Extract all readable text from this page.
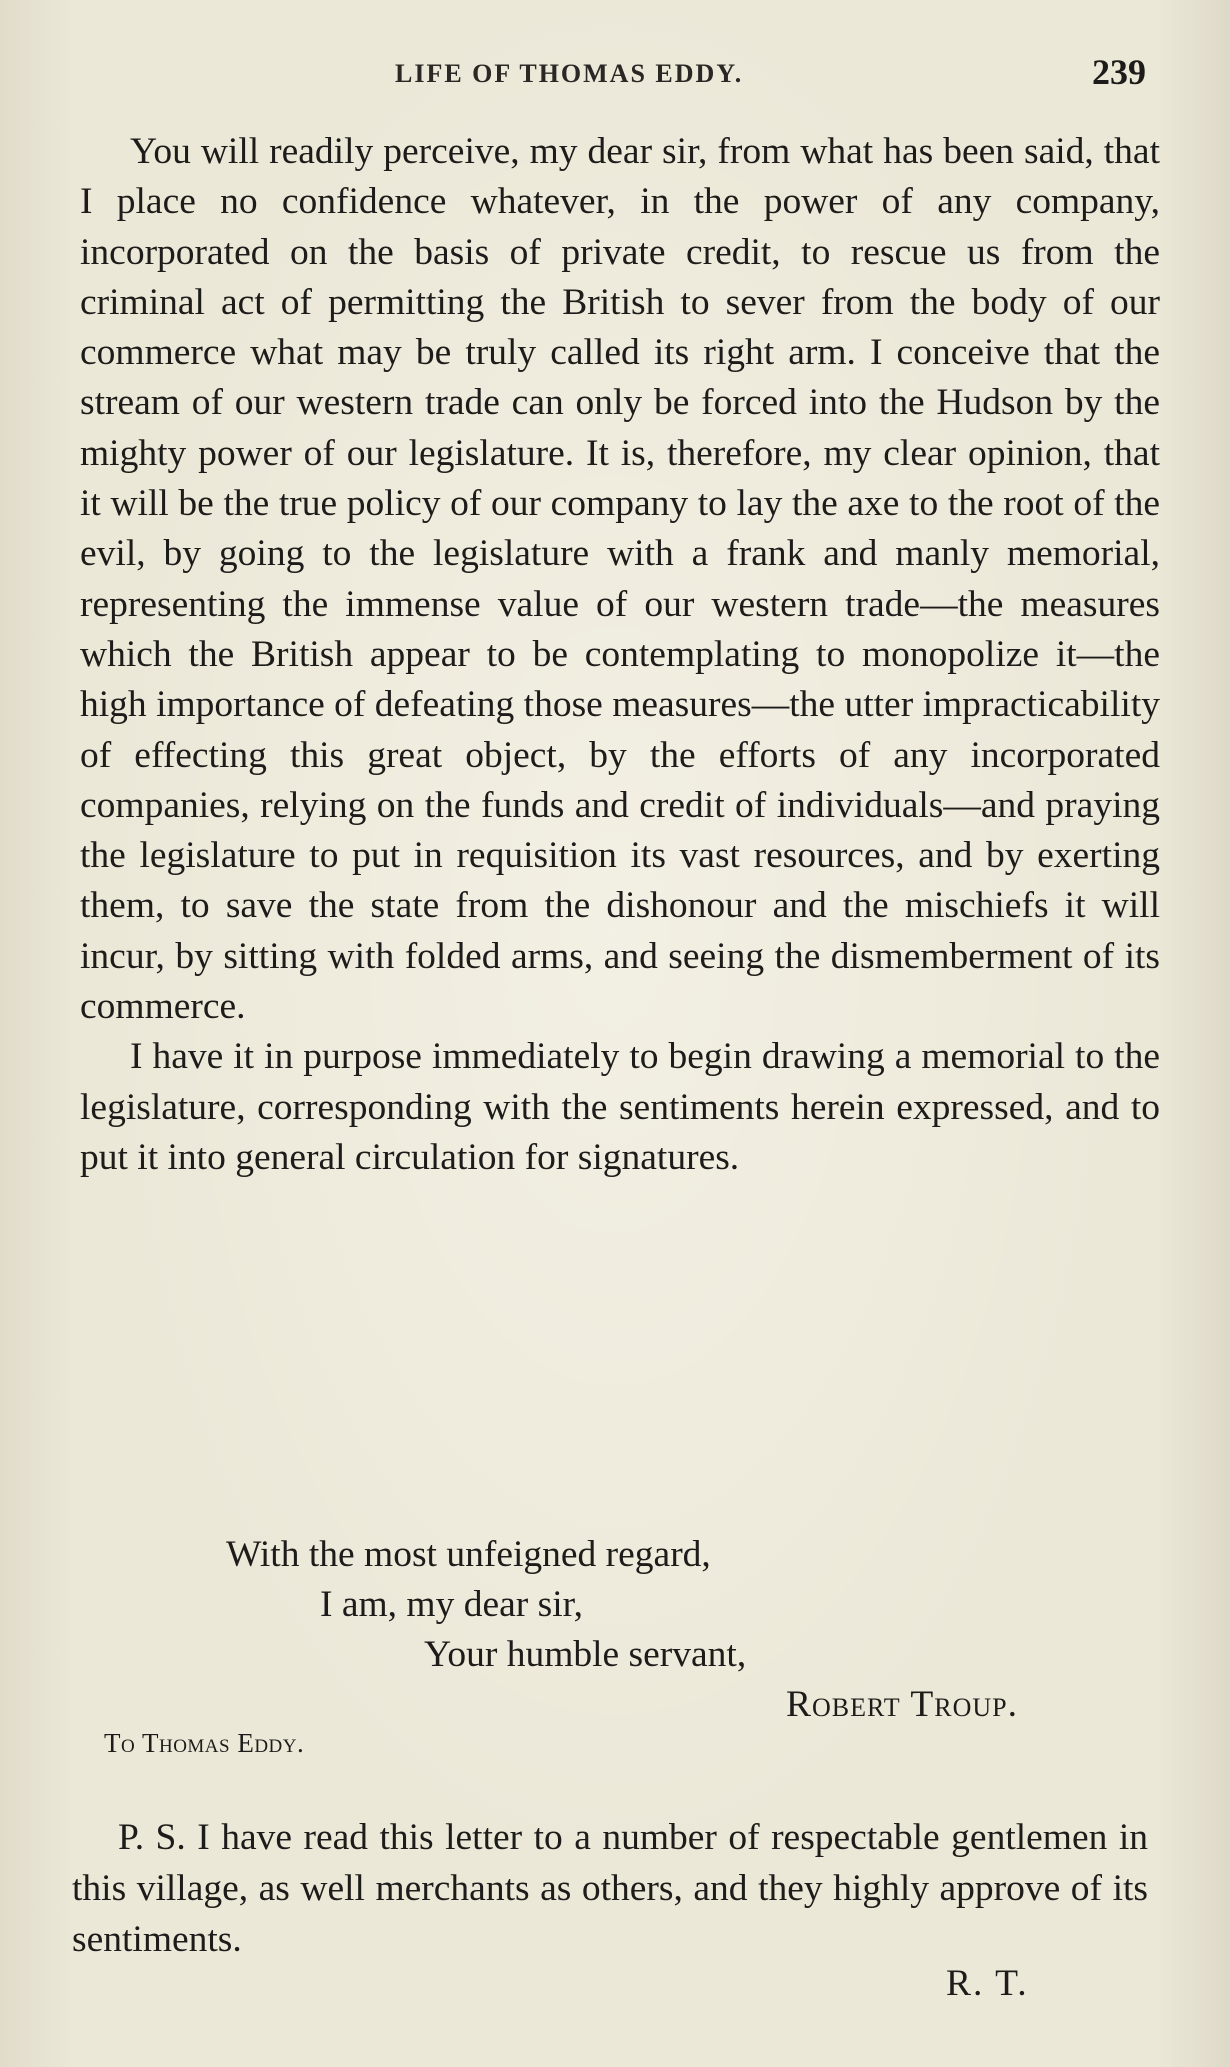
LIFE OF THOMAS EDDY.	239

You will readily perceive, my dear sir, from what has been said, that I place no confidence whatever, in the power of any company, incorporated on the basis of private credit, to rescue us from the criminal act of permitting the British to sever from the body of our commerce what may be truly called its right arm. I conceive that the stream of our western trade can only be forced into the Hudson by the mighty power of our legislature. It is, therefore, my clear opinion, that it will be the true policy of our company to lay the axe to the root of the evil, by going to the legislature with a frank and manly memorial, representing the immense value of our western trade—the measures which the British appear to be contemplating to monopolize it—the high importance of defeating those measures—the utter impracticability of effecting this great object, by the efforts of any incorporated companies, relying on the funds and credit of individuals—and praying the legislature to put in requisition its vast resources, and by exerting them, to save the state from the dishonour and the mischiefs it will incur, by sitting with folded arms, and seeing the dismemberment of its commerce.

I have it in purpose immediately to begin drawing a memorial to the legislature, corresponding with the sentiments herein expressed, and to put it into general circulation for signatures.

With the most unfeigned regard,
I am, my dear sir,
Your humble servant,
Robert Troup.
To Thomas Eddy.
P. S. I have read this letter to a number of respectable gentlemen in this village, as well merchants as others, and they highly approve of its sentiments.
R. T.
